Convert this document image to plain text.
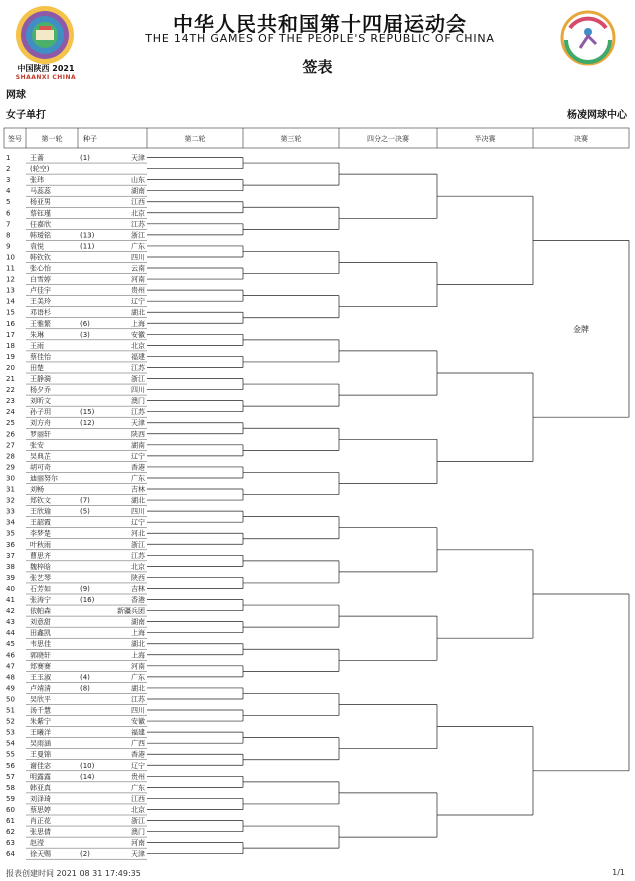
中国陕西 2021
SHAANXI CHINA
中华人民共和国第十四届运动会
THE 14TH GAMES OF THE PEOPLE'S REPUBLIC OF CHINA
签表
网球
女子单打	杨凌网球中心
签号	第一轮	种子	第二轮	第三轮	四分之一决赛	半决赛	决赛
1	王蔷	(1)	天津
2	(轮空)
3	张玮	山东
4	马蕊蕊	湖南
5	杨亚男	江西
6	蔡钰瑾	北京
7	任嘉欣	江苏
8	韩瑷铭	(13)	浙江
9	袁悦	(11)	广东
10 韩钦钦	四川
11 张心怡	云南
12 白雪婷	河南
13 卢佳宇	贵州
14 王美玲	辽宁
15 邓语杉	湖北
16 王雅繁	(6)	上海
17 朱琳	(3)	安徽
18 王雨	北京
19 蔡佳怡	福建
20 田楚	江苏
21 王静漪	浙江
22 杨夕乔	四川
23 刘昕文	澳门
24 孙子玥	(15)	江苏
25 刘方舟	(12)	天津
26 罗丽轩	陕西
27 张安	湖南
28 吴典芷	辽宁
29 胡可奇	香港
30 迪丽努尔	广东
31 刘畅	吉林
32 郑钦文	(7)	湖北
33 王欣瑜	(5)	四川
34 王韶霞	辽宁
35 李梦楚	河北
36 叶秋雨	浙江
37 曹思齐	江苏
38 魏梓晗	北京
39 张艺琴	陕西
40 石芳如	(9)	吉林
41 张涛宁	(16)	香港
42 依帕森	新疆兵团
43 刘意甜	湖南
44 田鑫凯	上海
45 韦思佳	湖北
46 郭晓轩	上海
47 郑赛赛	河南
48 王玉淑	(4)	广东
49 卢靖清	(8)	湖北
50 吴欣平	江苏
51 汤千慧	四川
52 朱紫宁	安徽
53 王曦洋	福建
54 吴雨涵	广西
55 王曼锦	香港
56 谢佳宓	(10)	辽宁
57 明露露	(14)	贵州
58 韩亚真	广东
59 刘泽琦	江西
60 蔡思婷	北京
61 肖正花	浙江
62 张思倩	澳门
63 赵滢	河南
64 徐天赐	(2)	天津
金牌
报表创建时间 2021 08 31 17:49:35	1/1
